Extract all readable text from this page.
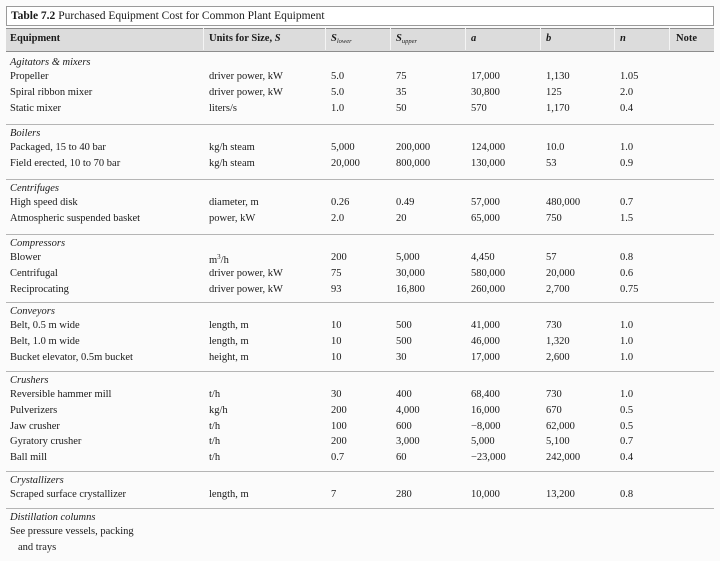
Table 7.2 Purchased Equipment Cost for Common Plant Equipment
Equipment	Units for Size, S	$S_{lower}$	$S_{upper}$	a	b	n	Note
Agitators & mixers
Propeller	driver power, kW	5.0	75	17,000	1,130	1.05
Spiral ribbon mixer	driver power, kW	5.0	35	30,800	125	2.0
Static mixer	liters/s	1.0	50	570	1,170	0.4
Boilers
Packaged, 15 to 40 bar	kg/h steam	5,000	200,000	124,000	10.0	1.0
Field erected, 10 to 70 bar	kg/h steam	20,000	800,000	130,000	53	0.9
Centrifuges
High speed disk	diameter, m	0.26	0.49	57,000	480,000	0.7
Atmospheric suspended basket	power, kW	2.0	20	65,000	750	1.5
Compressors
Blower	$m^3/h$	200	5,000	4,450	57	0.8
Centrifugal	driver power, kW	75	30,000	580,000	20,000	0.6
Reciprocating	driver power, kW	93	16,800	260,000	2,700	0.75
Conveyors
Belt, 0.5 m wide	length, m	10	500	41,000	730	1.0
Belt, 1.0 m wide	length, m	10	500	46,000	1,320	1.0
Bucket elevator, 0.5m bucket	height, m	10	30	17,000	2,600	1.0
Crushers
Reversible hammer mill	t/h	30	400	68,400	730	1.0
Pulverizers	kg/h	200	4,000	16,000	670	0.5
Jaw crusher	t/h	100	600	−8,000	62,000	0.5
Gyratory crusher	t/h	200	3,000	5,000	5,100	0.7
Ball mill	t/h	0.7	60	−23,000	242,000	0.4
Crystallizers
Scraped surface crystallizer	length, m	7	280	10,000	13,200	0.8
Distillation columns
See pressure vessels, packing
and trays
